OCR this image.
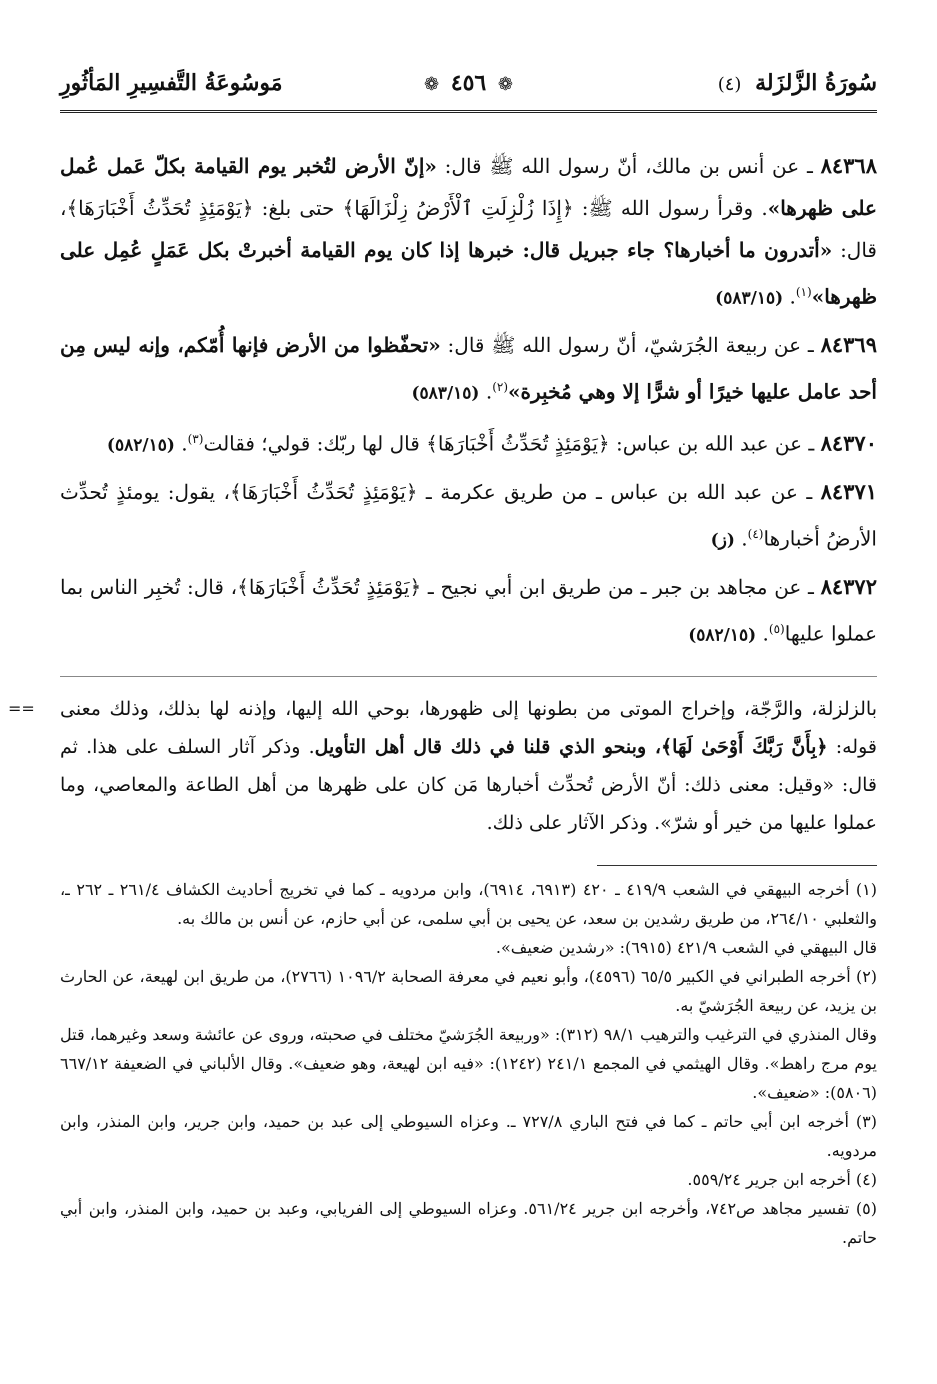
سُورَةُ الزَّلزَلة (٤)
❁ ٤٥٦ ❁
مَوسُوعَةُ التَّفسِيرِ المَأثُورِ
٨٤٣٦٨ ـ عن أنس بن مالك، أنّ رسول الله ﷺ قال: «إنّ الأرض لتُخبر يوم القيامة بكلّ عَمل عُمل على ظهرها». وقرأ رسول الله ﷺ: ﴿إِذَا زُلْزِلَتِ ٱلْأَرْضُ زِلْزَالَهَا﴾ حتى بلغ: ﴿يَوْمَئِذٍ تُحَدِّثُ أَخْبَارَهَا﴾، قال: «أتدرون ما أخبارها؟ جاء جبريل قال: خبرها إذا كان يوم القيامة أخبرتْ بكل عَمَلٍ عُمِل على ظهرها»$^{(١)}$. (٥٨٣/١٥)
٨٤٣٦٩ ـ عن ربيعة الجُرَشيّ، أنّ رسول الله ﷺ قال: «تحفّظوا من الأرض فإنها أُمّكم، وإنه ليس مِن أحد عامل عليها خيرًا أو شرًّا إلا وهي مُخبِرة»$^{(٢)}$. (٥٨٣/١٥)
٨٤٣٧٠ ـ عن عبد الله بن عباس: ﴿يَوْمَئِذٍ تُحَدِّثُ أَخْبَارَهَا﴾ قال لها ربّك: قولي؛ فقالت$^{(٣)}$. (٥٨٢/١٥)
٨٤٣٧١ ـ عن عبد الله بن عباس ـ من طريق عكرمة ـ ﴿يَوْمَئِذٍ تُحَدِّثُ أَخْبَارَهَا﴾، يقول: يومئذٍ تُحدِّث الأرضُ أخبارها$^{(٤)}$. (ز)
٨٤٣٧٢ ـ عن مجاهد بن جبر ـ من طريق ابن أبي نجيح ـ ﴿يَوْمَئِذٍ تُحَدِّثُ أَخْبَارَهَا﴾، قال: تُخبِر الناس بما عملوا عليها$^{(٥)}$. (٥٨٢/١٥)
== بالزلزلة، والرَّجّة، وإخراج الموتى من بطونها إلى ظهورها، بوحي الله إليها، وإذنه لها بذلك، وذلك معنى قوله: ﴿بِأَنَّ رَبَّكَ أَوْحَىٰ لَهَا﴾، وبنحو الذي قلنا في ذلك قال أهل التأويل. وذكر آثار السلف على هذا. ثم قال: «وقيل: معنى ذلك: أنّ الأرض تُحدِّث أخبارها مَن كان على ظهرها من أهل الطاعة والمعاصي، وما عملوا عليها من خير أو شرّ». وذكر الآثار على ذلك.

(١) أخرجه البيهقي في الشعب ٤١٩/٩ ـ ٤٢٠ (٦٩١٣، ٦٩١٤)، وابن مردويه ـ كما في تخريج أحاديث الكشاف ٢٦١/٤ ـ ٢٦٢ ـ، والثعلبي ٢٦٤/١٠، من طريق رشدين بن سعد، عن يحيى بن أبي سلمى، عن أبي حازم، عن أنس بن مالك به.

قال البيهقي في الشعب ٤٢١/٩ (٦٩١٥): «رشدين ضعيف».

(٢) أخرجه الطبراني في الكبير ٦٥/٥ (٤٥٩٦)، وأبو نعيم في معرفة الصحابة ١٠٩٦/٢ (٢٧٦٦)، من طريق ابن لهيعة، عن الحارث بن يزيد، عن ربيعة الجُرَشيّ به.

وقال المنذري في الترغيب والترهيب ٩٨/١ (٣١٢): «وربيعة الجُرَشيّ مختلف في صحبته، وروى عن عائشة وسعد وغيرهما، قتل يوم مرج راهط». وقال الهيثمي في المجمع ٢٤١/١ (١٢٤٢): «فيه ابن لهيعة، وهو ضعيف». وقال الألباني في الضعيفة ٦٦٧/١٢ (٥٨٠٦): «ضعيف».

(٣) أخرجه ابن أبي حاتم ـ كما في فتح الباري ٧٢٧/٨ ـ. وعزاه السيوطي إلى عبد بن حميد، وابن جرير، وابن المنذر، وابن مردويه.

(٤) أخرجه ابن جرير ٥٥٩/٢٤.

(٥) تفسير مجاهد ص٧٤٢، وأخرجه ابن جرير ٥٦١/٢٤. وعزاه السيوطي إلى الفريابي، وعبد بن حميد، وابن المنذر، وابن أبي حاتم.
